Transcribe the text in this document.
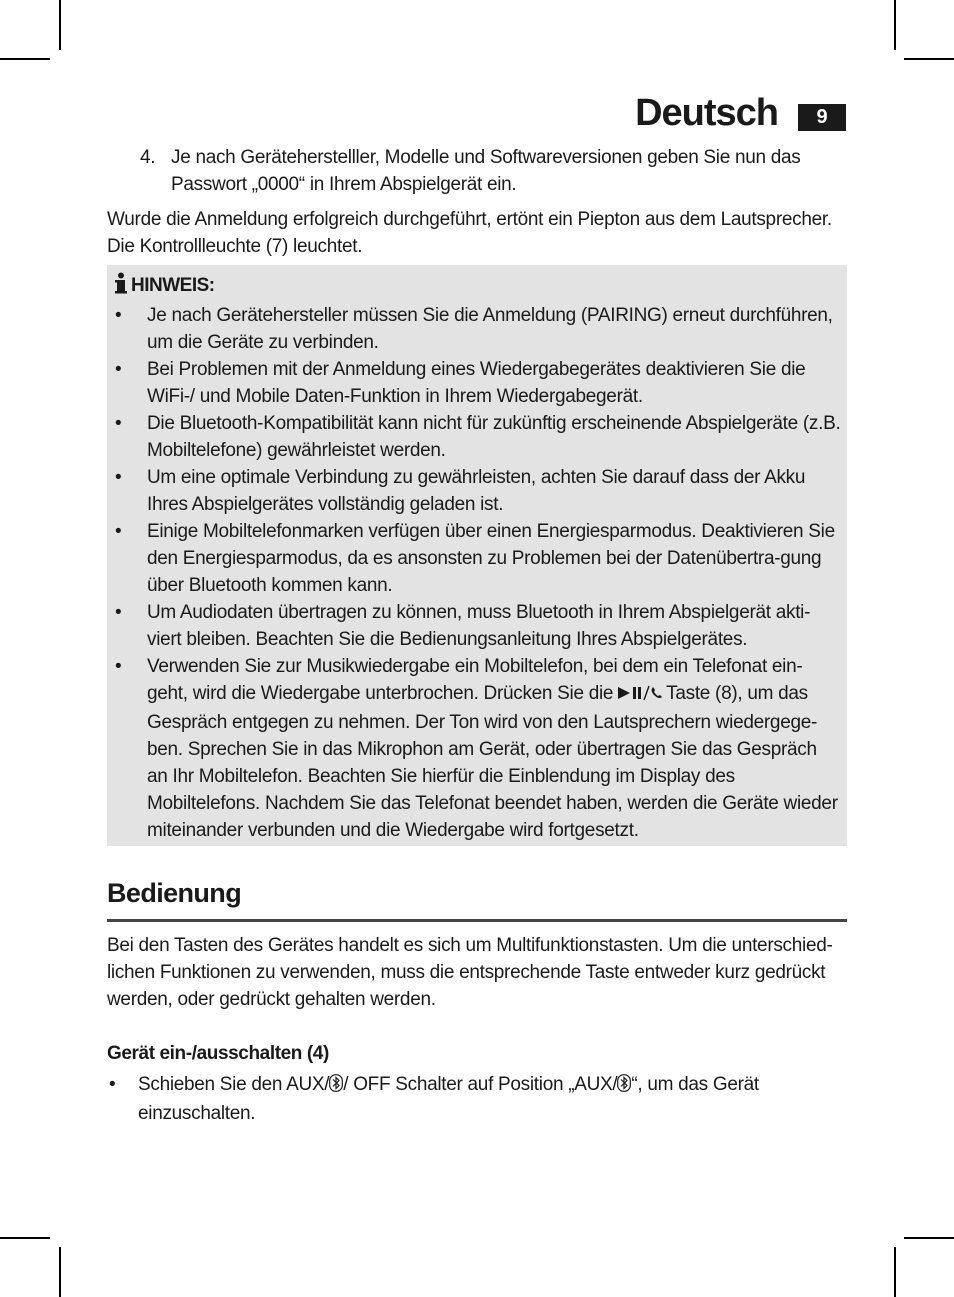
Deutsch	9
4. Je nach Geräteherstelller, Modelle und Softwareversionen geben Sie nun das Passwort „0000“ in Ihrem Abspielgerät ein.
Wurde die Anmeldung erfolgreich durchgeführt, ertönt ein Piepton aus dem Lautsprecher. Die Kontrollleuchte (7) leuchtet.
HINWEIS:
• Je nach Gerätehersteller müssen Sie die Anmeldung (PAIRING) erneut durchführen, um die Geräte zu verbinden.
• Bei Problemen mit der Anmeldung eines Wiedergabegerätes deaktivieren Sie die WiFi-/ und Mobile Daten-Funktion in Ihrem Wiedergabegerät.
• Die Bluetooth-Kompatibilität kann nicht für zukünftig erscheinende Abspielgeräte (z.B. Mobiltelefone) gewährleistet werden.
• Um eine optimale Verbindung zu gewährleisten, achten Sie darauf dass der Akku Ihres Abspielgerätes vollständig geladen ist.
• Einige Mobiltelefonmarken verfügen über einen Energiesparmodus. Deaktivieren Sie den Energiesparmodus, da es ansonsten zu Problemen bei der Datenübertra-gung über Bluetooth kommen kann.
• Um Audiodaten übertragen zu können, muss Bluetooth in Ihrem Abspielgerät akti-viert bleiben. Beachten Sie die Bedienungsanleitung Ihres Abspielgerätes.
• Verwenden Sie zur Musikwiedergabe ein Mobiltelefon, bei dem ein Telefonat ein-geht, wird die Wiedergabe unterbrochen. Drücken Sie die	Taste (8), um das Gespräch entgegen zu nehmen. Der Ton wird von den Lautsprechern wiedergege-ben. Sprechen Sie in das Mikrophon am Gerät, oder übertragen Sie das Gespräch an Ihr Mobiltelefon. Beachten Sie hierfür die Einblendung im Display des Mobiltelefons. Nachdem Sie das Telefonat beendet haben, werden die Geräte wieder miteinander verbunden und die Wiedergabe wird fortgesetzt.
Bedienung
Bei den Tasten des Gerätes handelt es sich um Multifunktionstasten. Um die unterschied-lichen Funktionen zu verwenden, muss die entsprechende Taste entweder kurz gedrückt werden, oder gedrückt gehalten werden.
Gerät ein-/ausschalten (4)
• Schieben Sie den AUX/ / OFF Schalter auf Position „AUX/ “, um das Gerät einzuschalten.
